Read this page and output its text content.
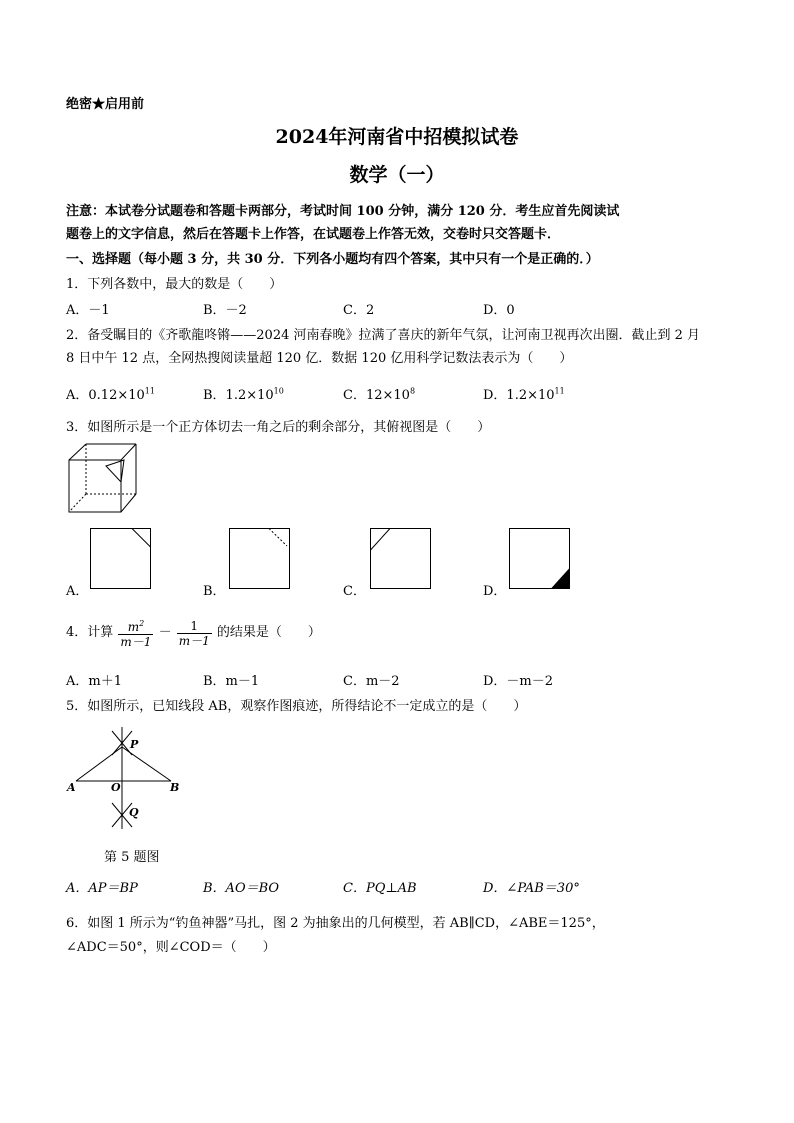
绝密★启用前
2024年河南省中招模拟试卷
数学（一）
注意：本试卷分试题卷和答题卡两部分，考试时间 100 分钟，满分 120 分．考生应首先阅读试
题卷上的文字信息，然后在答题卡上作答，在试题卷上作答无效，交卷时只交答题卡．
一、选择题（每小题 3 分，共 30 分．下列各小题均有四个答案，其中只有一个是正确的．）
1．下列各数中，最大的数是（　　）
A．－1	B．－2	C．2	D．0
2．备受瞩目的《齐歌龍咚锵——2024 河南春晚》拉满了喜庆的新年气氛，让河南卫视再次出圈．截止到 2 月
8 日中午 12 点，全网热搜阅读量超 120 亿．数据 120 亿用科学记数法表示为（　　）
A．$0.12\times 10^{11}$	B．$1.2\times 10^{10}$	C．$12\times 10^8$	D．$1.2\times 10^{11}$
3．如图所示是一个正方体切去一角之后的剩余部分，其俯视图是（　　）
A．	B．	C．	D．
4．计算 $\frac{m^2}{m-1} - \frac{1}{m-1}$ 的结果是（　　）
A．m＋1	B．m－1	C．m－2	D．－m－2
5．如图所示，已知线段 AB，观察作图痕迹，所得结论不一定成立的是（　　）
P
Q
A	B
O
第 5 题图
A．AP＝BP	B．AO＝BO	C．PQ⊥AB	D．∠PAB＝30°
6．如图 1 所示为“钓鱼神器”马扎，图 2 为抽象出的几何模型，若 AB∥CD，∠ABE＝125°，
∠ADC＝50°，则∠COD＝（　　）
